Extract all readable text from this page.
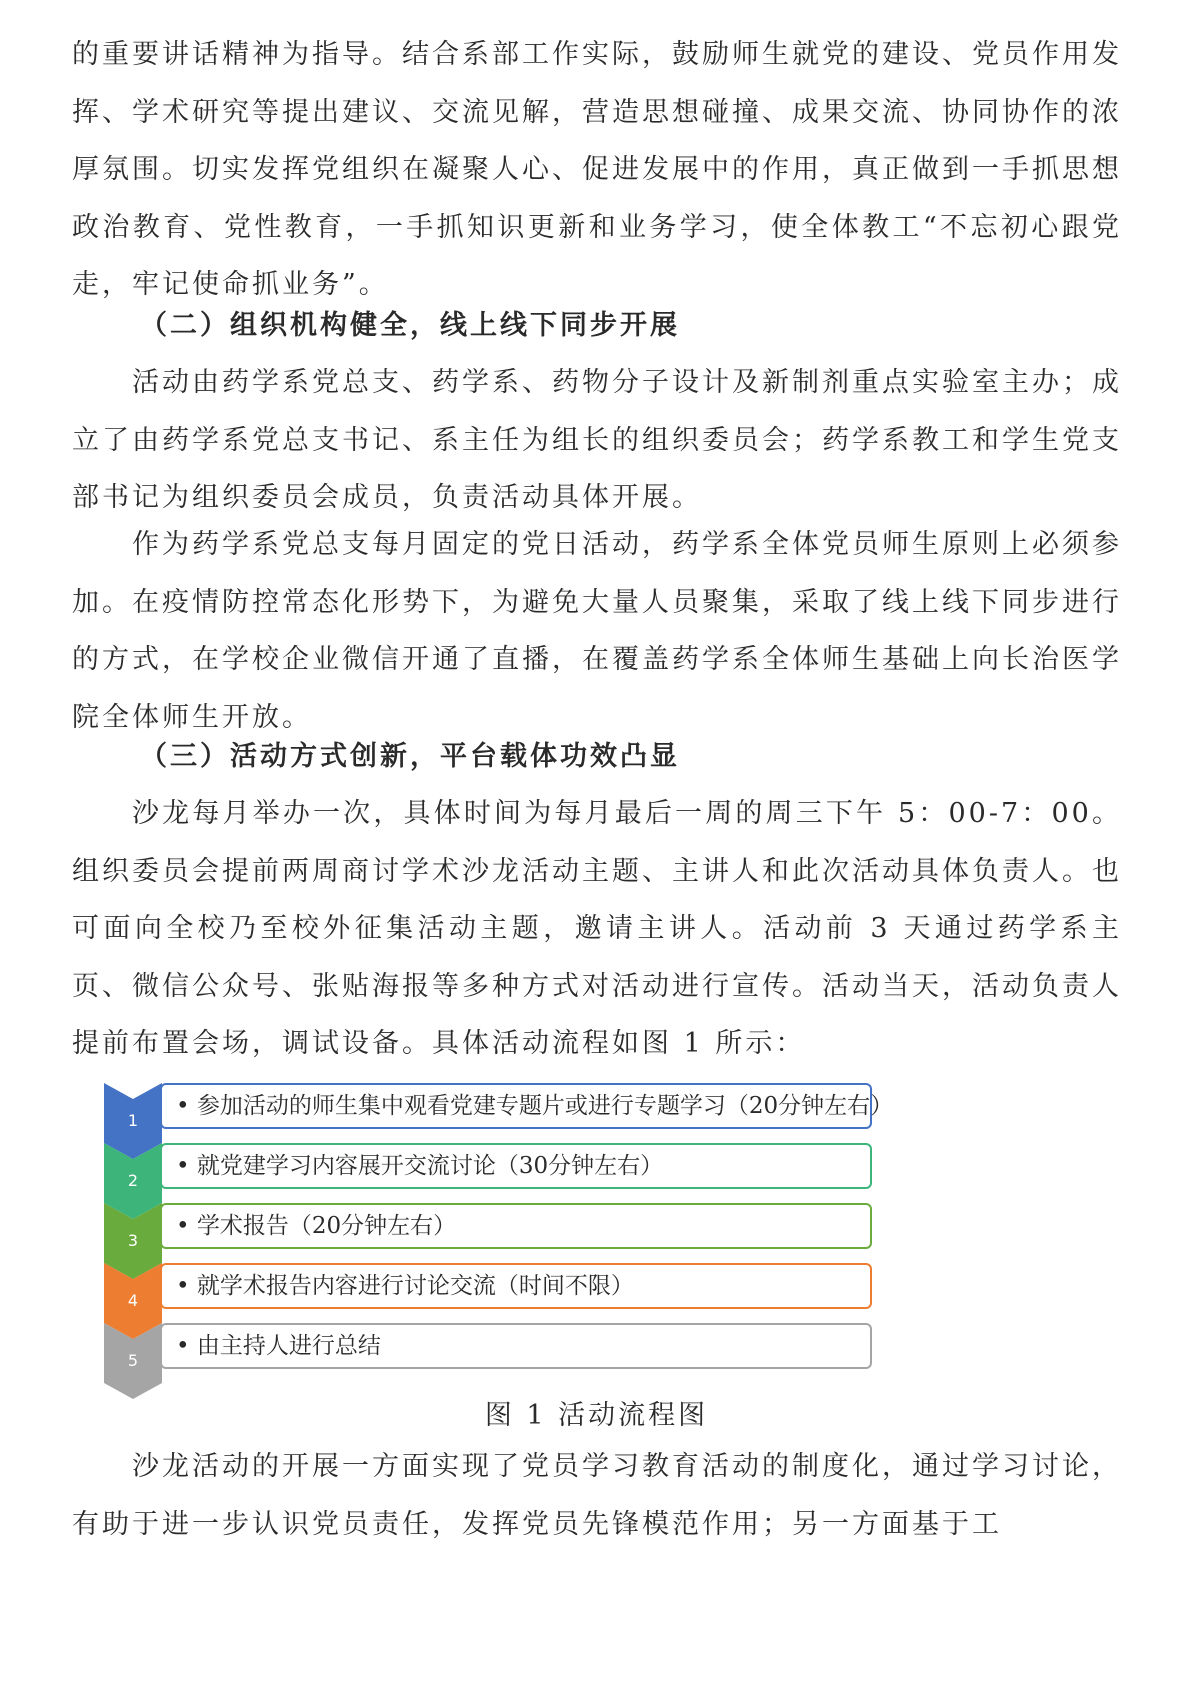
的重要讲话精神为指导。结合系部工作实际，鼓励师生就党的建设、党员作用发挥、学术研究等提出建议、交流见解，营造思想碰撞、成果交流、协同协作的浓厚氛围。切实发挥党组织在凝聚人心、促进发展中的作用，真正做到一手抓思想政治教育、党性教育，一手抓知识更新和业务学习，使全体教工“不忘初心跟党走，牢记使命抓业务”。

（二）组织机构健全，线上线下同步开展

活动由药学系党总支、药学系、药物分子设计及新制剂重点实验室主办；成立了由药学系党总支书记、系主任为组长的组织委员会；药学系教工和学生党支部书记为组织委员会成员，负责活动具体开展。

作为药学系党总支每月固定的党日活动，药学系全体党员师生原则上必须参加。在疫情防控常态化形势下，为避免大量人员聚集，采取了线上线下同步进行的方式，在学校企业微信开通了直播，在覆盖药学系全体师生基础上向长治医学院全体师生开放。

（三）活动方式创新，平台载体功效凸显

沙龙每月举办一次，具体时间为每月最后一周的周三下午 5：00-7：00。组织委员会提前两周商讨学术沙龙活动主题、主讲人和此次活动具体负责人。也可面向全校乃至校外征集活动主题，邀请主讲人。活动前 3 天通过药学系主页、微信公众号、张贴海报等多种方式对活动进行宣传。活动当天，活动负责人提前布置会场，调试设备。具体活动流程如图 1 所示：

1
• 参加活动的师生集中观看党建专题片或进行专题学习（20分钟左右）
2
• 就党建学习内容展开交流讨论（30分钟左右）
3
• 学术报告（20分钟左右）
4
• 就学术报告内容进行讨论交流（时间不限）
5
• 由主持人进行总结

图 1 活动流程图

沙龙活动的开展一方面实现了党员学习教育活动的制度化，通过学习讨论，有助于进一步认识党员责任，发挥党员先锋模范作用；另一方面基于工
